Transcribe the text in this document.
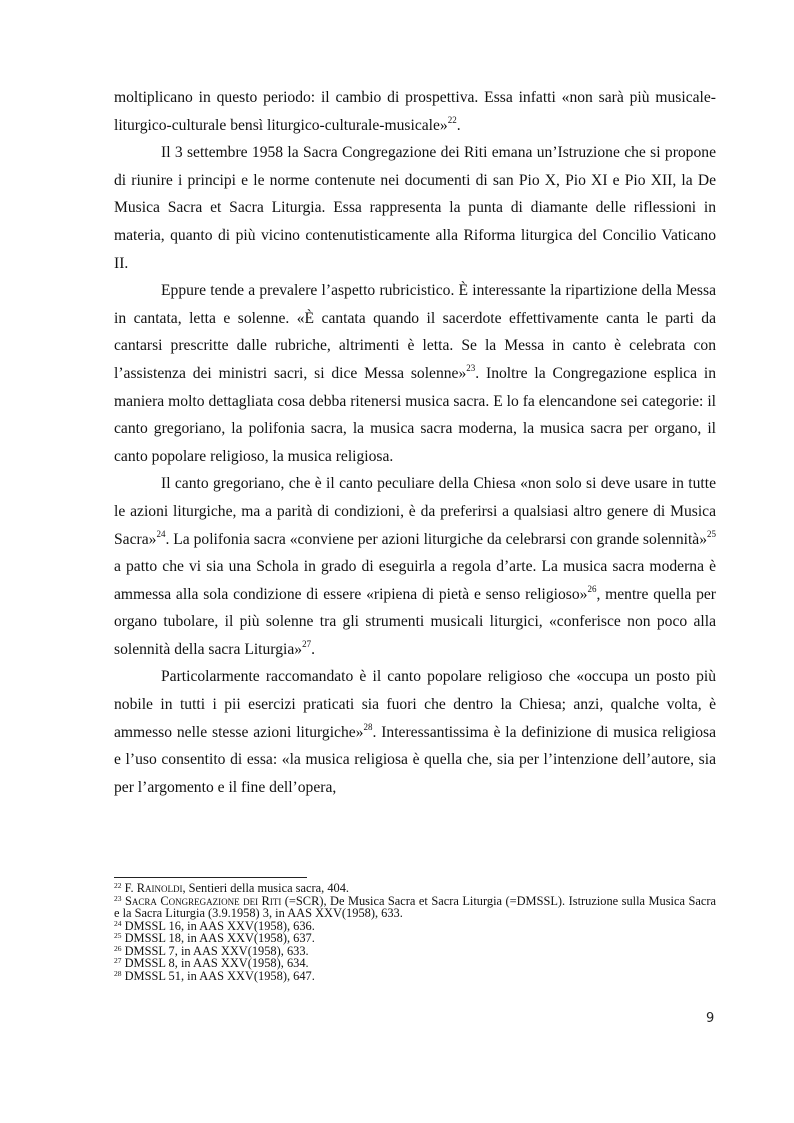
moltiplicano in questo periodo: il cambio di prospettiva. Essa infatti «non sarà più musicale-liturgico-culturale bensì liturgico-culturale-musicale»$^{22}$.

Il 3 settembre 1958 la Sacra Congregazione dei Riti emana un’Istruzione che si propone di riunire i principi e le norme contenute nei documenti di san Pio X, Pio XI e Pio XII, la De Musica Sacra et Sacra Liturgia. Essa rappresenta la punta di diamante delle riflessioni in materia, quanto di più vicino contenutisticamente alla Riforma liturgica del Concilio Vaticano II.

Eppure tende a prevalere l’aspetto rubricistico. È interessante la ripartizione della Messa in cantata, letta e solenne. «È cantata quando il sacerdote effettivamente canta le parti da cantarsi prescritte dalle rubriche, altrimenti è letta. Se la Messa in canto è celebrata con l’assistenza dei ministri sacri, si dice Messa solenne»$^{23}$. Inoltre la Congregazione esplica in maniera molto dettagliata cosa debba ritenersi musica sacra. E lo fa elencandone sei categorie: il canto gregoriano, la polifonia sacra, la musica sacra moderna, la musica sacra per organo, il canto popolare religioso, la musica religiosa.

Il canto gregoriano, che è il canto peculiare della Chiesa «non solo si deve usare in tutte le azioni liturgiche, ma a parità di condizioni, è da preferirsi a qualsiasi altro genere di Musica Sacra»$^{24}$. La polifonia sacra «conviene per azioni liturgiche da celebrarsi con grande solennità»$^{25}$ a patto che vi sia una Schola in grado di eseguirla a regola d’arte. La musica sacra moderna è ammessa alla sola condizione di essere «ripiena di pietà e senso religioso»$^{26}$, mentre quella per organo tubolare, il più solenne tra gli strumenti musicali liturgici, «conferisce non poco alla solennità della sacra Liturgia»$^{27}$.

Particolarmente raccomandato è il canto popolare religioso che «occupa un posto più nobile in tutti i pii esercizi praticati sia fuori che dentro la Chiesa; anzi, qualche volta, è ammesso nelle stesse azioni liturgiche»$^{28}$. Interessantissima è la definizione di musica religiosa e l’uso consentito di essa: «la musica religiosa è quella che, sia per l’intenzione dell’autore, sia per l’argomento e il fine dell’opera,

$^{22}$ F. Rainoldi, Sentieri della musica sacra, 404.

$^{23}$ Sacra Congregazione dei Riti (=SCR), De Musica Sacra et Sacra Liturgia (=DMSSL). Istruzione sulla Musica Sacra e la Sacra Liturgia (3.9.1958) 3, in AAS XXV(1958), 633.

$^{24}$ DMSSL 16, in AAS XXV(1958), 636.

$^{25}$ DMSSL 18, in AAS XXV(1958), 637.

$^{26}$ DMSSL 7, in AAS XXV(1958), 633.

$^{27}$ DMSSL 8, in AAS XXV(1958), 634.

$^{28}$ DMSSL 51, in AAS XXV(1958), 647.

9
